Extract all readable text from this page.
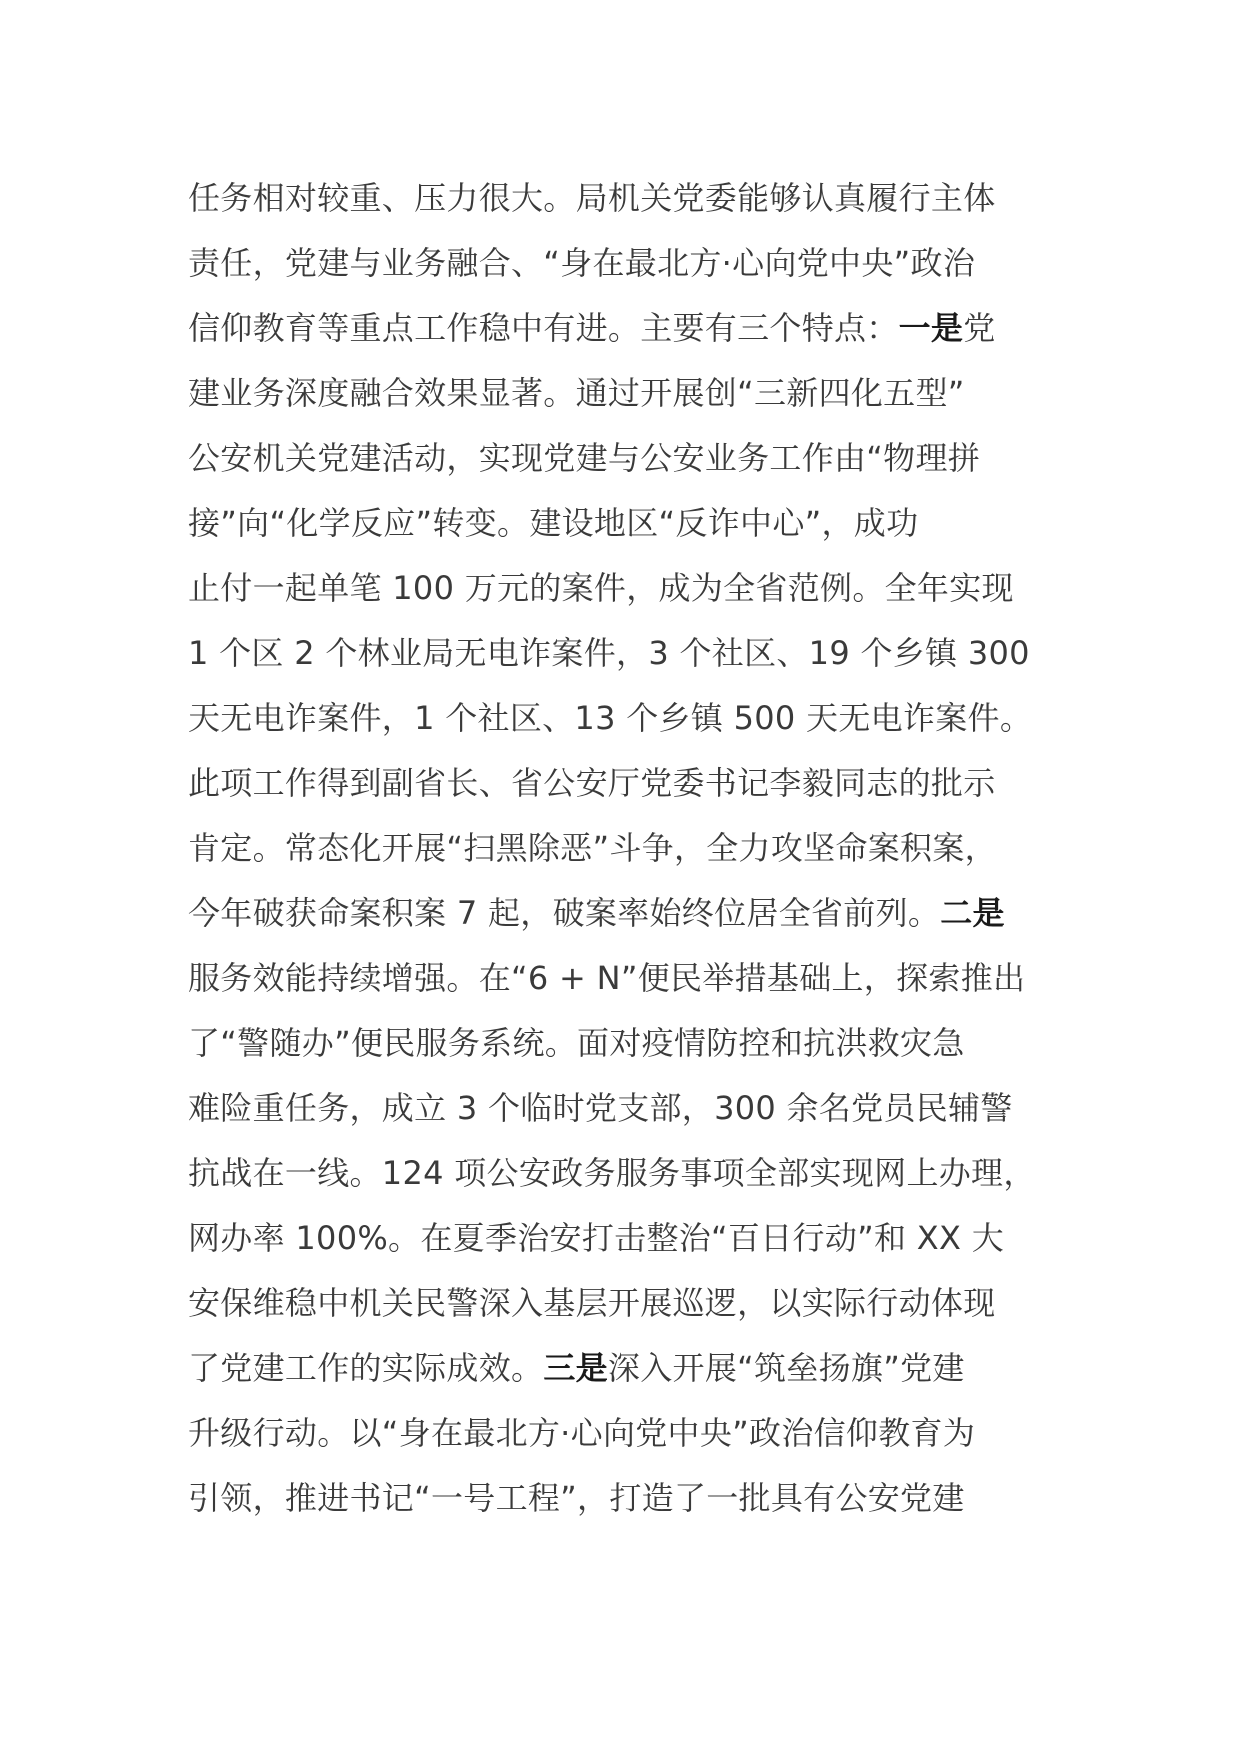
任务相对较重、压力很大。局机关党委能够认真履行主体
责任，党建与业务融合、“身在最北方·心向党中央”政治
信仰教育等重点工作稳中有进。主要有三个特点：一是党
建业务深度融合效果显著。通过开展创“三新四化五型”
公安机关党建活动，实现党建与公安业务工作由“物理拼
接”向“化学反应”转变。建设地区“反诈中心”，成功
止付一起单笔 100 万元的案件，成为全省范例。全年实现
1 个区 2 个林业局无电诈案件，3 个社区、19 个乡镇 300
天无电诈案件，1 个社区、13 个乡镇 500 天无电诈案件。
此项工作得到副省长、省公安厅党委书记李毅同志的批示
肯定。常态化开展“扫黑除恶”斗争，全力攻坚命案积案，
今年破获命案积案 7 起，破案率始终位居全省前列。二是
服务效能持续增强。在“6 + N”便民举措基础上，探索推出
了“警随办”便民服务系统。面对疫情防控和抗洪救灾急
难险重任务，成立 3 个临时党支部，300 余名党员民辅警
抗战在一线。124 项公安政务服务事项全部实现网上办理，
网办率 100%。在夏季治安打击整治“百日行动”和 XX 大
安保维稳中机关民警深入基层开展巡逻，以实际行动体现
了党建工作的实际成效。三是深入开展“筑垒扬旗”党建
升级行动。以“身在最北方·心向党中央”政治信仰教育为
引领，推进书记“一号工程”，打造了一批具有公安党建
